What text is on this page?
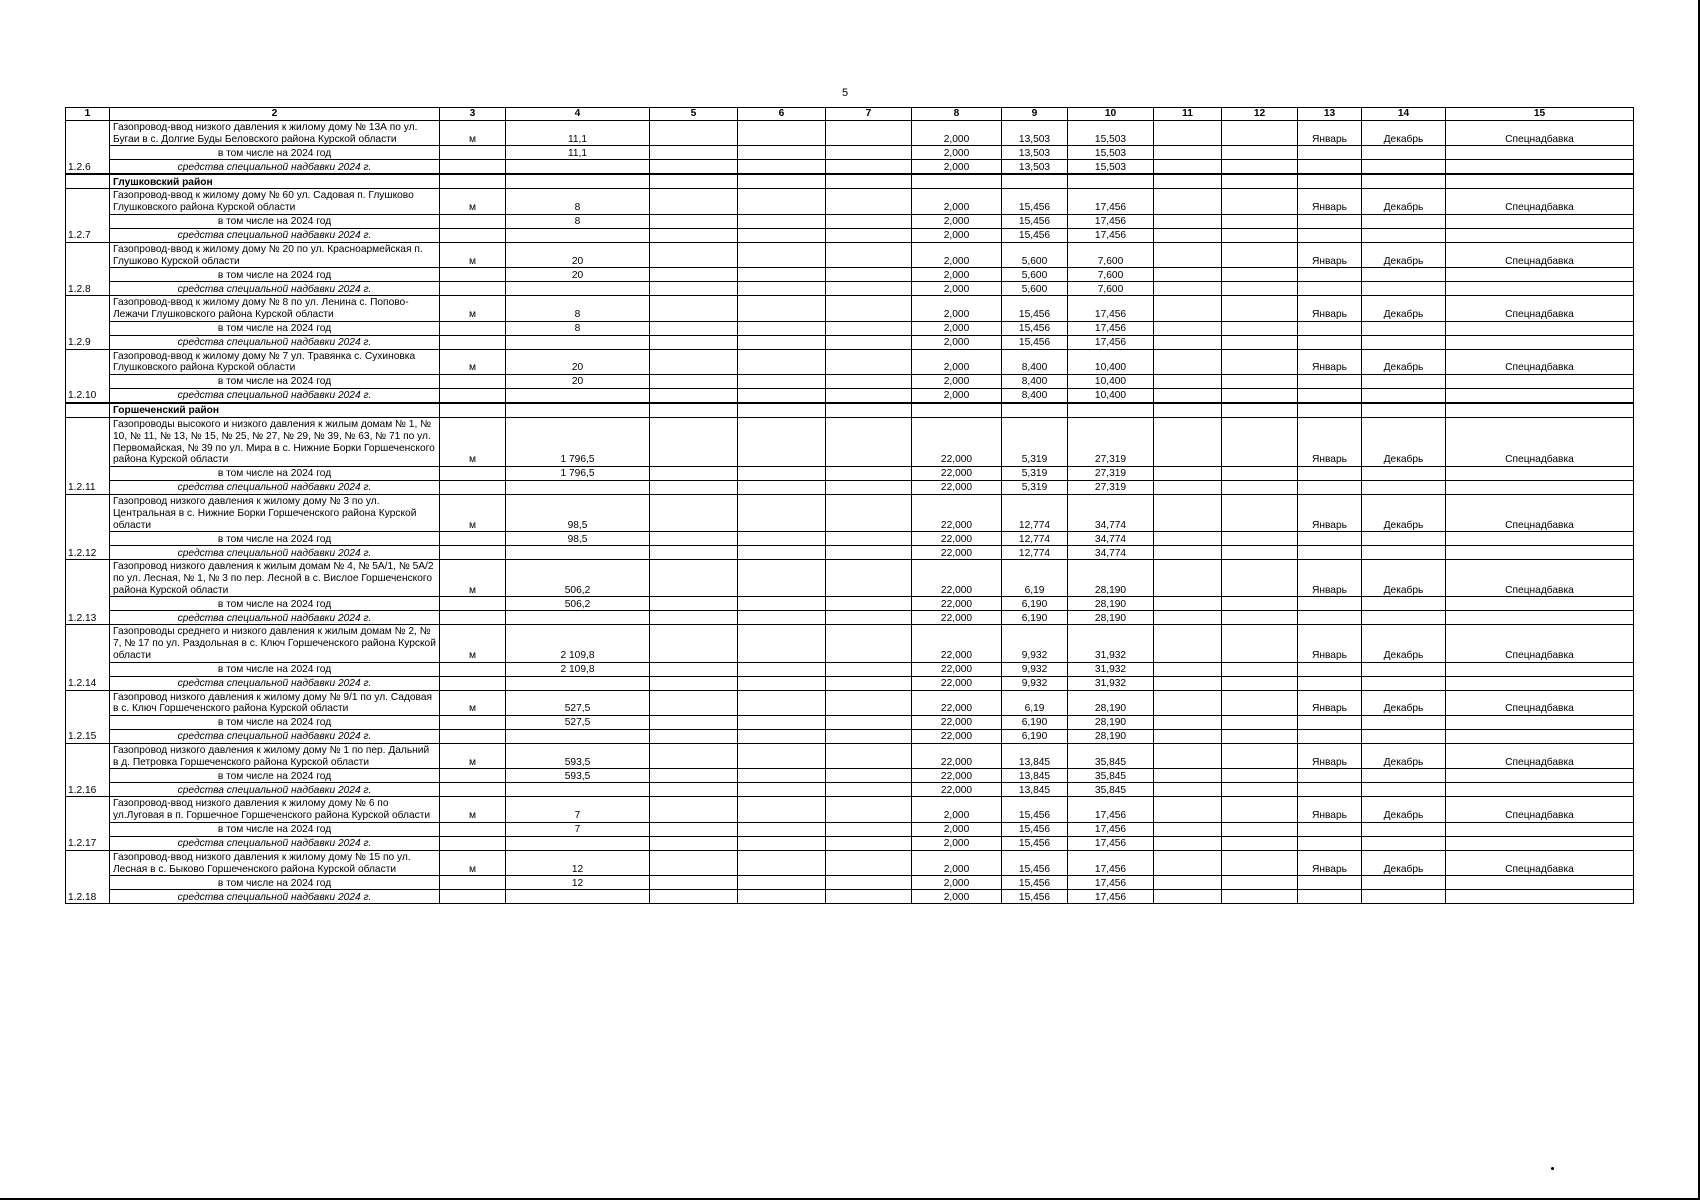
5
1	2	3	4	5	6	7	8	9	10	11	12	13	14	15
1.2.6	Газопровод-ввод низкого давления к жилому дому № 13А по ул. Бугаи в с. Долгие Буды Беловского района Курской области	м	11,1				2,000	13,503	15,503			Январь	Декабрь	Спецнадбавка
	в том числе на 2024 год		11,1				2,000	13,503	15,503					
	средства специальной надбавки 2024 г.						2,000	13,503	15,503					
	Глушковский район													
1.2.7	Газопровод-ввод к жилому дому № 60 ул. Садовая п. Глушково Глушковского района Курской области	м	8				2,000	15,456	17,456			Январь	Декабрь	Спецнадбавка
	в том числе на 2024 год		8				2,000	15,456	17,456					
	средства специальной надбавки 2024 г.						2,000	15,456	17,456					
1.2.8	Газопровод-ввод к жилому дому № 20 по ул. Красноармейская п. Глушково Курской области	м	20				2,000	5,600	7,600			Январь	Декабрь	Спецнадбавка
	в том числе на 2024 год		20				2,000	5,600	7,600					
	средства специальной надбавки 2024 г.						2,000	5,600	7,600					
1.2.9	Газопровод-ввод к жилому дому № 8 по ул. Ленина с. Попово-Лежачи Глушковского района Курской области	м	8				2,000	15,456	17,456			Январь	Декабрь	Спецнадбавка
	в том числе на 2024 год		8				2,000	15,456	17,456					
	средства специальной надбавки 2024 г.						2,000	15,456	17,456					
1.2.10	Газопровод-ввод к жилому дому № 7 ул. Травянка с. Сухиновка Глушковского района Курской области	м	20				2,000	8,400	10,400			Январь	Декабрь	Спецнадбавка
	в том числе на 2024 год		20				2,000	8,400	10,400					
	средства специальной надбавки 2024 г.						2,000	8,400	10,400					
	Горшеченский район													
1.2.11	Газопроводы высокого и низкого давления к жилым домам № 1, № 10, № 11, № 13, № 15, № 25, № 27, № 29, № 39, № 63, № 71 по ул. Первомайская, № 39 по ул. Мира в с. Нижние Борки Горшеченского района Курской области	м	1 796,5				22,000	5,319	27,319			Январь	Декабрь	Спецнадбавка
	в том числе на 2024 год		1 796,5				22,000	5,319	27,319					
	средства специальной надбавки 2024 г.						22,000	5,319	27,319					
1.2.12	Газопровод низкого давления к жилому дому № 3 по ул. Центральная в с. Нижние Борки Горшеченского района Курской области	м	98,5				22,000	12,774	34,774			Январь	Декабрь	Спецнадбавка
	в том числе на 2024 год		98,5				22,000	12,774	34,774					
	средства специальной надбавки 2024 г.						22,000	12,774	34,774					
1.2.13	Газопровод низкого давления к жилым домам № 4, № 5А/1, № 5А/2 по ул. Лесная, № 1, № 3 по пер. Лесной в с. Вислое Горшеченского района Курской области	м	506,2				22,000	6,19	28,190			Январь	Декабрь	Спецнадбавка
	в том числе на 2024 год		506,2				22,000	6,190	28,190					
	средства специальной надбавки 2024 г.						22,000	6,190	28,190					
1.2.14	Газопроводы среднего и низкого давления к жилым домам № 2, № 7, № 17 по ул. Раздольная в с. Ключ Горшеченского района Курской области	м	2 109,8				22,000	9,932	31,932			Январь	Декабрь	Спецнадбавка
	в том числе на 2024 год		2 109,8				22,000	9,932	31,932					
	средства специальной надбавки 2024 г.						22,000	9,932	31,932					
1.2.15	Газопровод низкого давления к жилому дому № 9/1 по ул. Садовая в с. Ключ Горшеченского района Курской области	м	527,5				22,000	6,19	28,190			Январь	Декабрь	Спецнадбавка
	в том числе на 2024 год		527,5				22,000	6,190	28,190					
	средства специальной надбавки 2024 г.						22,000	6,190	28,190					
1.2.16	Газопровод низкого давления к жилому дому № 1 по пер. Дальний в д. Петровка Горшеченского района Курской области	м	593,5				22,000	13,845	35,845			Январь	Декабрь	Спецнадбавка
	в том числе на 2024 год		593,5				22,000	13,845	35,845					
	средства специальной надбавки 2024 г.						22,000	13,845	35,845					
1.2.17	Газопровод-ввод низкого давления к жилому дому № 6 по ул.Луговая в п. Горшечное Горшеченского района Курской области	м	7				2,000	15,456	17,456			Январь	Декабрь	Спецнадбавка
	в том числе на 2024 год		7				2,000	15,456	17,456					
	средства специальной надбавки 2024 г.						2,000	15,456	17,456					
1.2.18	Газопровод-ввод низкого давления к жилому дому № 15 по ул. Лесная в с. Быково Горшеченского района Курской области	м	12				2,000	15,456	17,456			Январь	Декабрь	Спецнадбавка
	в том числе на 2024 год		12				2,000	15,456	17,456					
	средства специальной надбавки 2024 г.						2,000	15,456	17,456					
